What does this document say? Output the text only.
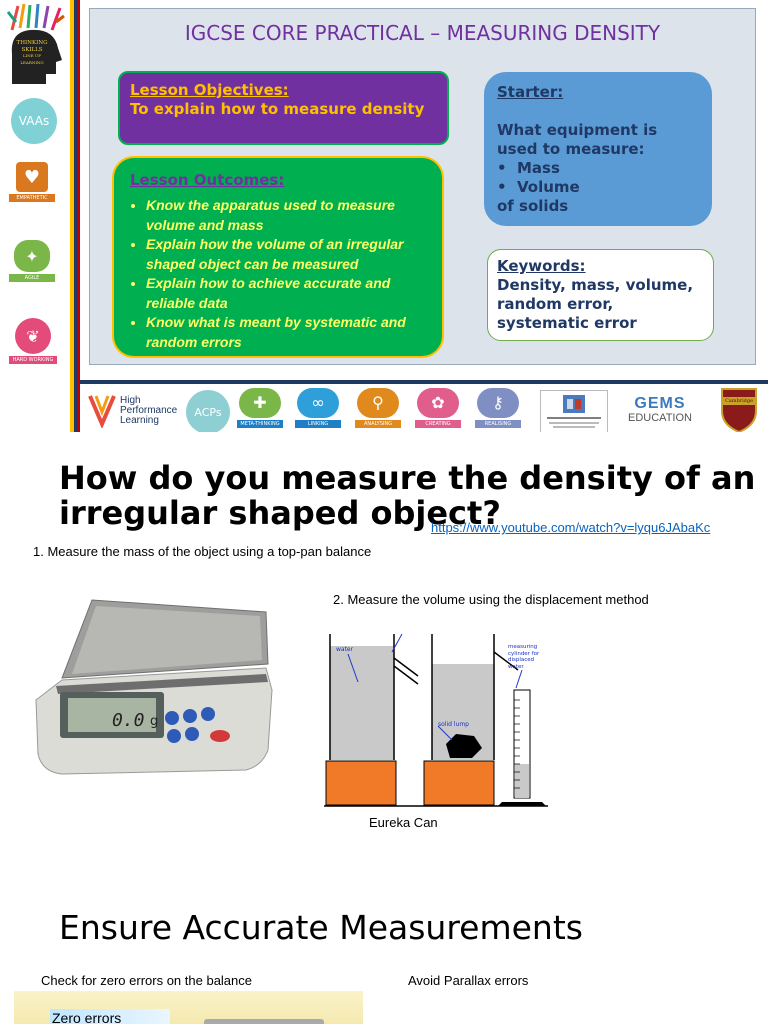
THINKING
SKILLS
LINE UP
LEARNING
VAAs
♥
EMPATHETIC
✦
AGILE
❦
HARD WORKING
IGCSE CORE PRACTICAL – MEASURING DENSITY
Lesson Objectives:
To explain how to measure density
Lesson Outcomes:
• Know the apparatus used to measure volume and mass
• Explain how the volume of an irregular shaped object can be measured
• Explain how to achieve accurate and reliable data
• Know what is meant by systematic and random errors
Starter:
What equipment is used to measure:
• Mass
• Volume
of solids
Keywords:
Density, mass, volume, random error, systematic error
High
Performance
Learning
ACPs	✚
META-THINKING
∞
LINKING
⚲
ANALYSING
✿
CREATING
⚷
REALISING
GEMS
EDUCATION
Cambridge
How do you measure the density of an irregular shaped object?
https://www.youtube.com/watch?v=lyqu6JAbaKc
1. Measure the mass of the object using a top-pan balance
2. Measure the volume using the displacement method
0.0 g
water	measuring cylinder for displaced water
solid lump
Eureka Can
Ensure Accurate Measurements
Check for zero errors on the balance	Avoid Parallax errors
Zero errors
